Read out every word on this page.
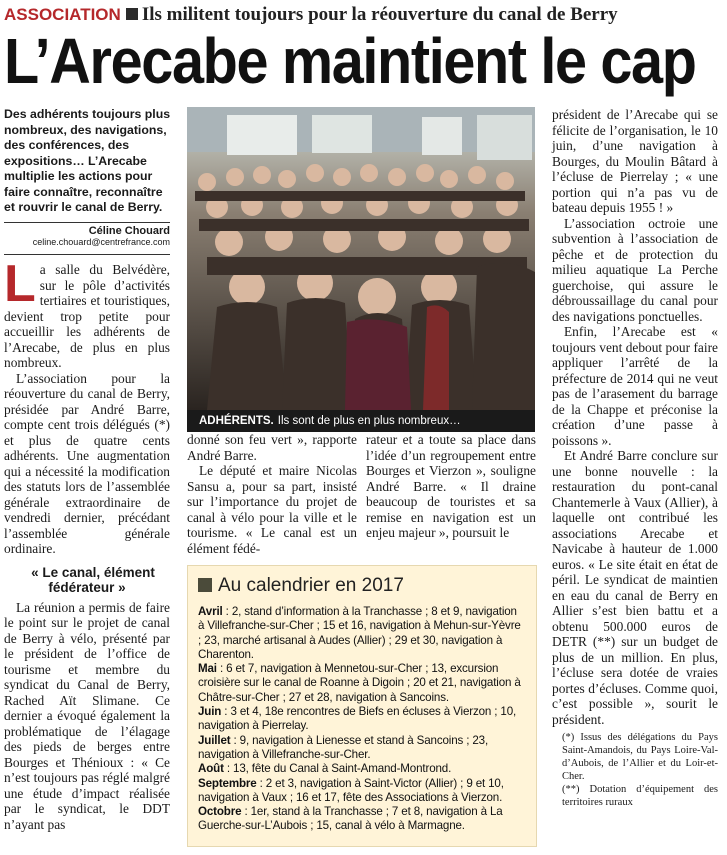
ASSOCIATION Ils militent toujours pour la réouverture du canal de Berry
L’Arecabe maintient le cap
Des adhérents toujours plus nombreux, des navigations, des conférences, des expositions… L’Arecabe multiplie les actions pour faire connaître, reconnaître et rouvrir le canal de Berry.
Céline Chouard
celine.chouard@centrefrance.com

La salle du Belvédère, sur le pôle d’activités tertiaires et touristiques, devient trop petite pour accueillir les adhérents de l’Arecabe, de plus en plus nombreux.

L’association pour la réouverture du canal de Berry, présidée par André Barre, compte cent trois délégués (*) et plus de quatre cents adhérents. Une augmentation qui a nécessité la modification des statuts lors de l’assemblée générale extraordinaire de vendredi dernier, précédant l’assemblée générale ordinaire.

« Le canal, élément fédérateur »

La réunion a permis de faire le point sur le projet de canal de Berry à vélo, présenté par le président de l’office de tourisme et membre du syndicat du Canal de Berry, Rached Aït Slimane. Ce dernier a évoqué également la problématique de l’élagage des pieds de berges entre Bourges et Thénioux : « Ce n’est toujours pas réglé malgré une étude d’impact réalisée par le syndicat, le DDT n’ayant pas

ADHÉRENTS. Ils sont de plus en plus nombreux…

donné son feu vert », rapporte André Barre.

Le député et maire Nicolas Sansu a, pour sa part, insisté sur l’importance du projet de canal à vélo pour la ville et le tourisme. « Le canal est un élément fédé-

rateur et a toute sa place dans l’idée d’un regroupement entre Bourges et Vierzon », souligne André Barre. « Il draine beaucoup de touristes et sa remise en navigation est un enjeu majeur », poursuit le

Au calendrier en 2017
Avril : 2, stand d’information à la Tranchasse ; 8 et 9, navigation à Villefranche-sur-Cher ; 15 et 16, navigation à Mehun-sur-Yèvre ; 23, marché artisanal à Audes (Allier) ; 29 et 30, navigation à Charenton.
Mai : 6 et 7, navigation à Mennetou-sur-Cher ; 13, excursion croisière sur le canal de Roanne à Digoin ; 20 et 21, navigation à Châtre-sur-Cher ; 27 et 28, navigation à Sancoins.
Juin : 3 et 4, 18e rencontres de Biefs en écluses à Vierzon ; 10, navigation à Pierrelay.
Juillet : 9, navigation à Lienesse et stand à Sancoins ; 23, navigation à Villefranche-sur-Cher.
Août : 13, fête du Canal à Saint-Amand-Montrond.
Septembre : 2 et 3, navigation à Saint-Victor (Allier) ; 9 et 10, navigation à Vaux ; 16 et 17, fête des Associations à Vierzon.
Octobre : 1er, stand à la Tranchasse ; 7 et 8, navigation à La Guerche-sur-L’Aubois ; 15, canal à vélo à Marmagne.

président de l’Arecabe qui se félicite de l’organisation, le 10 juin, d’une navigation à Bourges, du Moulin Bâtard à l’écluse de Pierrelay ; « une portion qui n’a pas vu de bateau depuis 1955 ! »

L’association octroie une subvention à l’association de pêche et de protection du milieu aquatique La Perche guerchoise, qui assure le débroussaillage du canal pour des navigations ponctuelles.

Enfin, l’Arecabe est « toujours vent debout pour faire appliquer l’arrêté de la préfecture de 2014 qui ne veut pas de l’arasement du barrage de la Chappe et préconise la création d’une passe à poissons ».

Et André Barre conclure sur une bonne nouvelle : la restauration du pont-canal Chantemerle à Vaux (Allier), à laquelle ont contribué les associations Arecabe et Navicabe à hauteur de 1.000 euros. « Le site était en état de péril. Le syndicat de maintien en eau du canal de Berry en Allier s’est bien battu et a obtenu 500.000 euros de DETR (**) sur un budget de plus de un million. En plus, l’écluse sera dotée de vraies portes d’écluses. Comme quoi, c’est possible », sourit le président.

(*) Issus des délégations du Pays Saint-Amandois, du Pays Loire-Val-d’Aubois, de l’Allier et du Loir-et-Cher.

(**) Dotation d’équipement des territoires ruraux
